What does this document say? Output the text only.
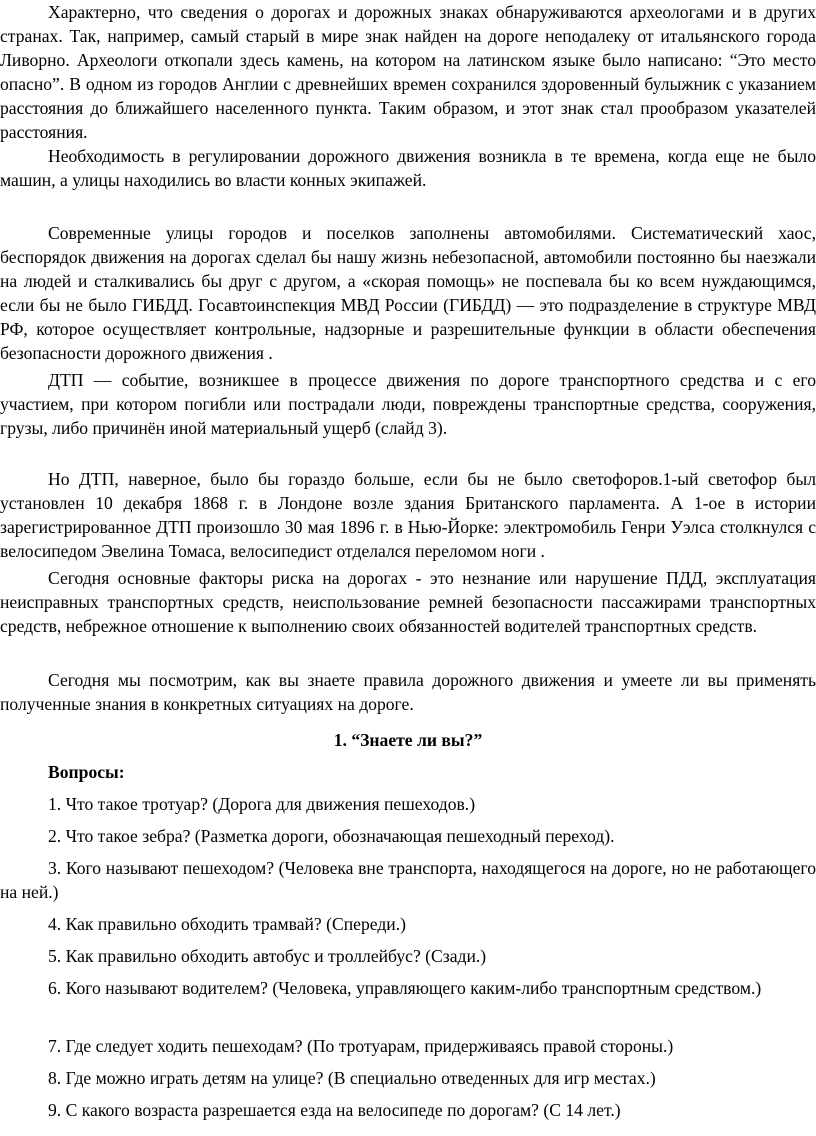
Характерно, что сведения о дорогах и дорожных знаках обнаруживаются археологами и в других странах. Так, например, самый старый в мире знак найден на дороге неподалеку от итальянского города Ливорно. Археологи откопали здесь камень, на котором на латинском языке было написано: “Это место опасно”. В одном из городов Англии с древнейших времен сохранился здоровенный булыжник с указанием расстояния до ближайшего населенного пункта. Таким образом, и этот знак стал прообразом указателей расстояния.

Необходимость в регулировании дорожного движения возникла в те времена, когда еще не было машин, а улицы находились во власти конных экипажей.

Современные улицы городов и поселков заполнены автомобилями. Систематический хаос, беспорядок движения на дорогах сделал бы нашу жизнь небезопасной, автомобили постоянно бы наезжали на людей и сталкивались бы друг с другом, а «скорая помощь» не поспевала бы ко всем нуждающимся, если бы не было ГИБДД. Госавтоинспекция МВД России (ГИБДД) — это подразделение в структуре МВД РФ, которое осуществляет контрольные, надзорные и разрешительные функции в области обеспечения безопасности дорожного движения .

ДТП — событие, возникшее в процессе движения по дороге транспортного средства и с его участием, при котором погибли или пострадали люди, повреждены транспортные средства, сооружения, грузы, либо причинён иной материальный ущерб (слайд 3).

Но ДТП, наверное, было бы гораздо больше, если бы не было светофоров.1-ый светофор был установлен 10 декабря 1868 г. в Лондоне возле здания Британского парламента. А 1-ое в истории зарегистрированное ДТП произошло 30 мая 1896 г. в Нью-Йорке: электромобиль Генри Уэлса столкнулся с велосипедом Эвелина Томаса, велосипедист отделался переломом ноги .

Сегодня основные факторы риска на дорогах - это незнание или нарушение ПДД, эксплуатация неисправных транспортных средств, неиспользование ремней безопасности пассажирами транспортных средств, небрежное отношение к выполнению своих обязанностей водителей транспортных средств.

Сегодня мы посмотрим, как вы знаете правила дорожного движения и умеете ли вы применять полученные знания в конкретных ситуациях на дороге.

1. “Знаете ли вы?”

Вопросы:

1. Что такое тротуар? (Дорога для движения пешеходов.)

2. Что такое зебра? (Разметка дороги, обозначающая пешеходный переход).

3. Кого называют пешеходом? (Человека вне транспорта, находящегося на дороге, но не работающего на ней.)

4. Как правильно обходить трамвай? (Спереди.)

5. Как правильно обходить автобус и троллейбус? (Сзади.)

6. Кого называют водителем? (Человека, управляющего каким-либо транспортным средством.)

7. Где следует ходить пешеходам? (По тротуарам, придерживаясь правой стороны.)

8. Где можно играть детям на улице? (В специально отведенных для игр местах.)

9. С какого возраста разрешается езда на велосипеде по дорогам? (С 14 лет.)
